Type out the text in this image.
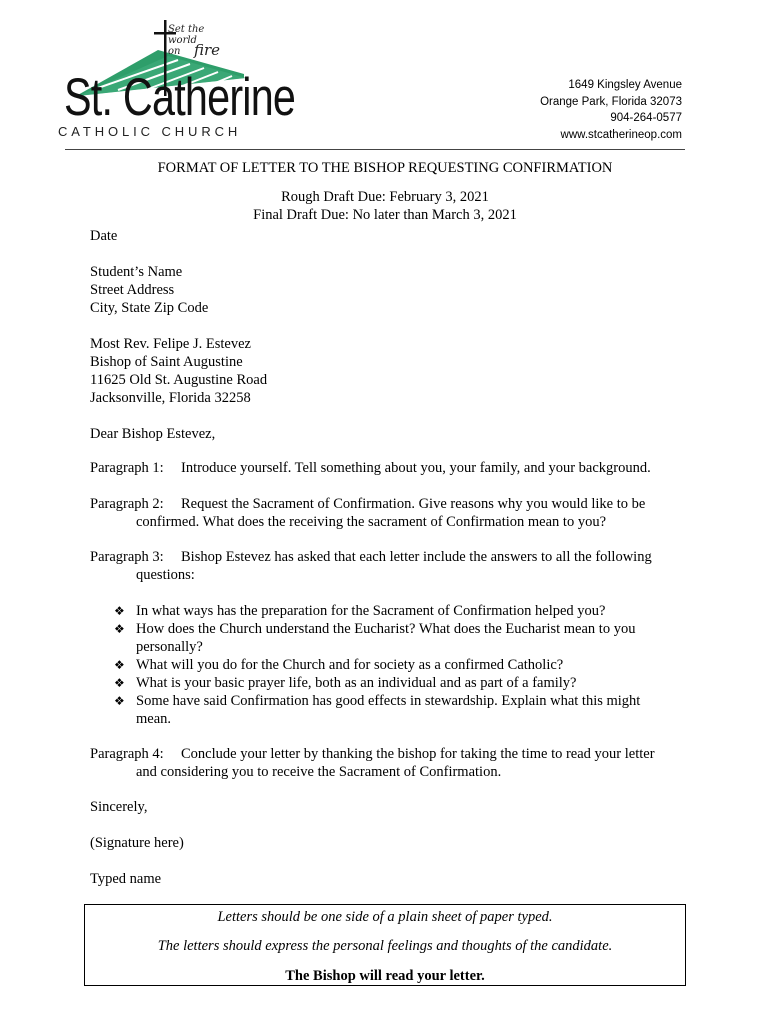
Set the
world
on fire
St. Catherine
CATHOLIC CHURCH
1649 Kingsley Avenue
Orange Park, Florida 32073
904-264-0577
www.stcatherineop.com
FORMAT OF LETTER TO THE BISHOP REQUESTING CONFIRMATION
Rough Draft Due: February 3, 2021
Final Draft Due: No later than March 3, 2021
Date
Student’s Name
Street Address
City, State Zip Code
Most Rev. Felipe J. Estevez
Bishop of Saint Augustine
11625 Old St. Augustine Road
Jacksonville, Florida 32258
Dear Bishop Estevez,
Paragraph 1: Introduce yourself. Tell something about you, your family, and your background.
Paragraph 2: Request the Sacrament of Confirmation. Give reasons why you would like to be
confirmed. What does the receiving the sacrament of Confirmation mean to you?
Paragraph 3: Bishop Estevez has asked that each letter include the answers to all the following
questions:
❖ In what ways has the preparation for the Sacrament of Confirmation helped you?
❖ How does the Church understand the Eucharist? What does the Eucharist mean to you
personally?
❖ What will you do for the Church and for society as a confirmed Catholic?
❖ What is your basic prayer life, both as an individual and as part of a family?
❖ Some have said Confirmation has good effects in stewardship. Explain what this might
mean.
Paragraph 4: Conclude your letter by thanking the bishop for taking the time to read your letter
and considering you to receive the Sacrament of Confirmation.
Sincerely,
(Signature here)
Typed name
Letters should be one side of a plain sheet of paper typed.
The letters should express the personal feelings and thoughts of the candidate.
The Bishop will read your letter.
